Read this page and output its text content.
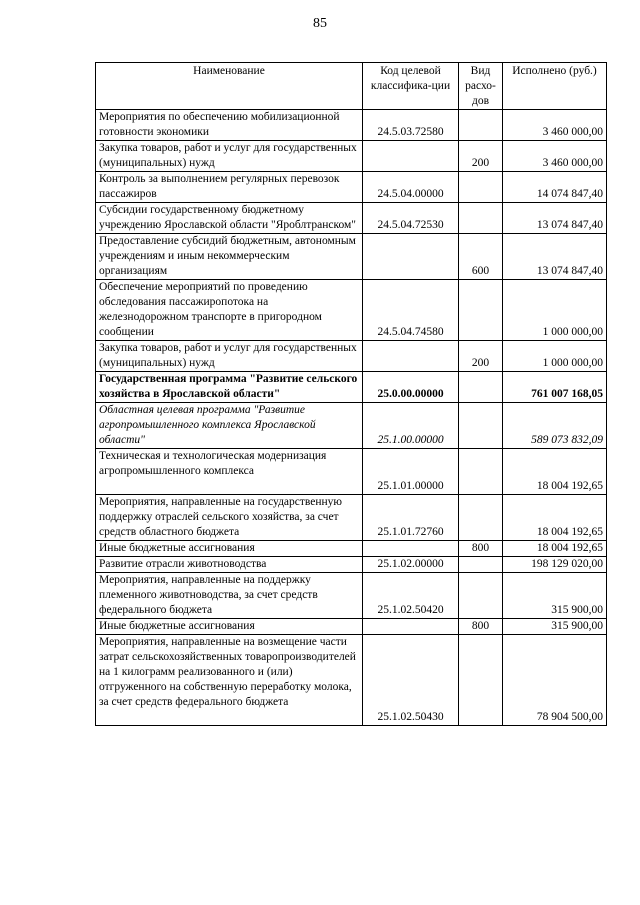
85
Наименование	Код целевой классифика-ции	Вид расхо-дов	Исполнено (руб.)
Мероприятия по обеспечению мобилизационной готовности экономики	24.5.03.72580		3 460 000,00
Закупка товаров, работ и услуг для государственных (муниципальных) нужд		200	3 460 000,00
Контроль за выполнением регулярных перевозок пассажиров	24.5.04.00000		14 074 847,40
Субсидии государственному бюджетному учреждению Ярославской области "Яроблтранском"	24.5.04.72530		13 074 847,40
Предоставление субсидий бюджетным, автономным учреждениям и иным некоммерческим организациям		600	13 074 847,40
Обеспечение мероприятий по проведению обследования пассажиропотока на железнодорожном транспорте в пригородном сообщении	24.5.04.74580		1 000 000,00
Закупка товаров, работ и услуг для государственных (муниципальных) нужд		200	1 000 000,00
Государственная программа "Развитие сельского хозяйства в Ярославской области"	25.0.00.00000		761 007 168,05
Областная целевая программа "Развитие агропромышленного комплекса Ярославской области"	25.1.00.00000		589 073 832,09
Техническая и технологическая модернизация агропромышленного комплекса	25.1.01.00000		18 004 192,65
Мероприятия, направленные на государственную поддержку отраслей сельского хозяйства, за счет средств областного бюджета	25.1.01.72760		18 004 192,65
Иные бюджетные ассигнования		800	18 004 192,65
Развитие отрасли животноводства	25.1.02.00000		198 129 020,00
Мероприятия, направленные на поддержку племенного животноводства, за счет средств федерального бюджета	25.1.02.50420		315 900,00
Иные бюджетные ассигнования		800	315 900,00
Мероприятия, направленные на возмещение части затрат сельскохозяйственных товаропроизводителей на 1 килограмм реализованного и (или) отгруженного на собственную переработку молока, за счет средств федерального бюджета	25.1.02.50430		78 904 500,00
